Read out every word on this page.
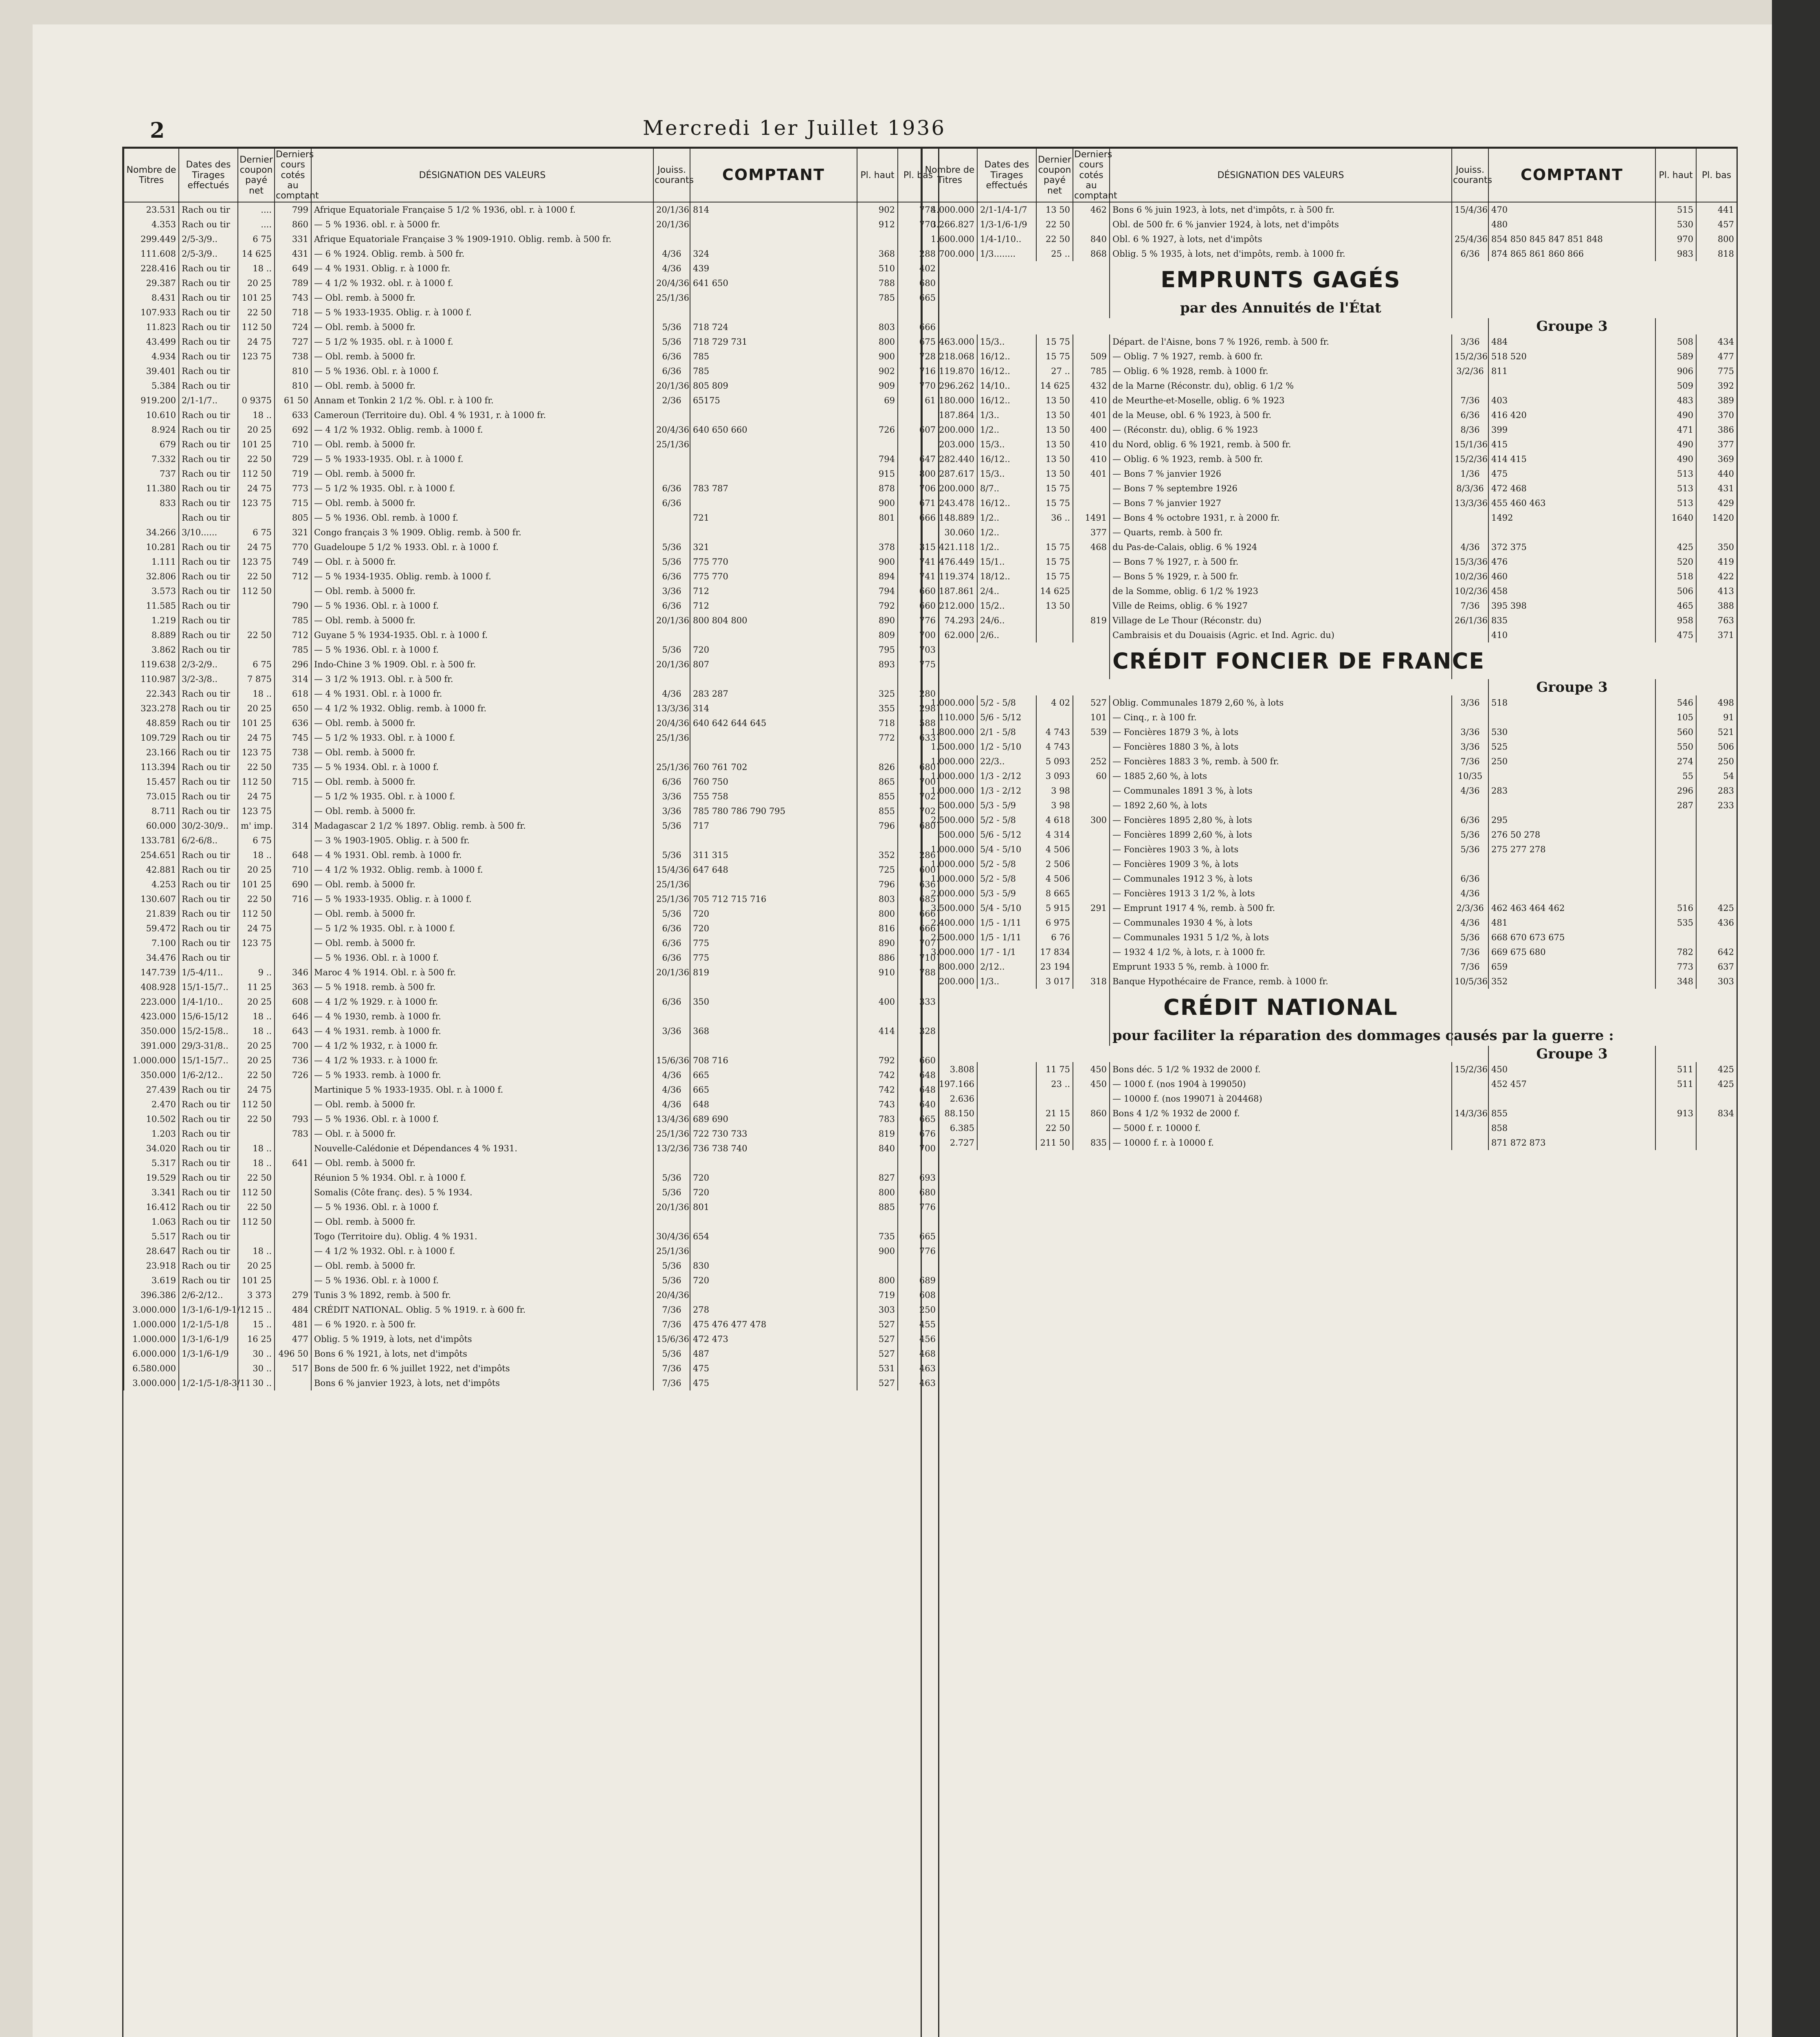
2	Mercredi 1er Juillet 1936
Nombre de Titres	Dates des Tirages effectués	Dernier coupon payé net	Derniers cours cotés au comptant	DÉSIGNATION DES VALEURS	Jouiss. courants	COMPTANT	Pl. haut	Pl. bas
23.531	Rach ou tir	....	799	Afrique Equatoriale Française 5 1/2 % 1936, obl. r. à 1000 f.	20/1/36	814	902	778
4.353	Rach ou tir	....	860	— 5 % 1936. obl. r. à 5000 fr.	20/1/36		912	770
299.449	2/5-3/9..	6 75	331	Afrique Equatoriale Française 3 % 1909-1910. Oblig. remb. à 500 fr.				
111.608	2/5-3/9..	14 625	431	— 6 % 1924. Oblig. remb. à 500 fr.	4/36	324	368	288
228.416	Rach ou tir	18 ..	649	— 4 % 1931. Oblig. r. à 1000 fr.	4/36	439	510	402
29.387	Rach ou tir	20 25	789	— 4 1/2 % 1932. obl. r. à 1000 f.	20/4/36	641 650	788	680
8.431	Rach ou tir	101 25	743	— Obl. remb. à 5000 fr.	25/1/36		785	665
107.933	Rach ou tir	22 50	718	— 5 % 1933-1935. Oblig. r. à 1000 f.				
11.823	Rach ou tir	112 50	724	— Obl. remb. à 5000 fr.	5/36	718 724	803	666
43.499	Rach ou tir	24 75	727	— 5 1/2 % 1935. obl. r. à 1000 f.	5/36	718 729 731	800	675
4.934	Rach ou tir	123 75	738	— Obl. remb. à 5000 fr.	6/36	785	900	728
39.401	Rach ou tir		810	— 5 % 1936. Obl. r. à 1000 f.	6/36	785	902	716
5.384	Rach ou tir		810	— Obl. remb. à 5000 fr.	20/1/36	805 809	909	770
919.200	2/1-1/7..	0 9375	61 50	Annam et Tonkin 2 1/2 %. Obl. r. à 100 fr.	2/36	65175	69	61
10.610	Rach ou tir	18 ..	633	Cameroun (Territoire du). Obl. 4 % 1931, r. à 1000 fr.				
8.924	Rach ou tir	20 25	692	— 4 1/2 % 1932. Oblig. remb. à 1000 f.	20/4/36	640 650 660	726	607
679	Rach ou tir	101 25	710	— Obl. remb. à 5000 fr.	25/1/36			
7.332	Rach ou tir	22 50	729	— 5 % 1933-1935. Obl. r. à 1000 f.			794	647
737	Rach ou tir	112 50	719	— Obl. remb. à 5000 fr.			915	800
11.380	Rach ou tir	24 75	773	— 5 1/2 % 1935. Obl. r. à 1000 f.	6/36	783 787	878	706
833	Rach ou tir	123 75	715	— Obl. remb. à 5000 fr.	6/36		900	671
	Rach ou tir		805	— 5 % 1936. Obl. remb. à 1000 f.		721	801	666
34.266	3/10......	6 75	321	Congo français 3 % 1909. Oblig. remb. à 500 fr.				
10.281	Rach ou tir	24 75	770	Guadeloupe 5 1/2 % 1933. Obl. r. à 1000 f.	5/36	321	378	315
1.111	Rach ou tir	123 75	749	— Obl. r. à 5000 fr.	5/36	775 770	900	741
32.806	Rach ou tir	22 50	712	— 5 % 1934-1935. Oblig. remb. à 1000 f.	6/36	775 770	894	741
3.573	Rach ou tir	112 50		— Obl. remb. à 5000 fr.	3/36	712	794	660
11.585	Rach ou tir		790	— 5 % 1936. Obl. r. à 1000 f.	6/36	712	792	660
1.219	Rach ou tir		785	— Obl. remb. à 5000 fr.	20/1/36	800 804 800	890	776
8.889	Rach ou tir	22 50	712	Guyane 5 % 1934-1935. Obl. r. à 1000 f.			809	700
3.862	Rach ou tir		785	— 5 % 1936. Obl. r. à 1000 f.	5/36	720	795	703
119.638	2/3-2/9..	6 75	296	Indo-Chine 3 % 1909. Obl. r. à 500 fr.	20/1/36	807	893	775
110.987	3/2-3/8..	7 875	314	— 3 1/2 % 1913. Obl. r. à 500 fr.				
22.343	Rach ou tir	18 ..	618	— 4 % 1931. Obl. r. à 1000 fr.	4/36	283 287	325	280
323.278	Rach ou tir	20 25	650	— 4 1/2 % 1932. Oblig. remb. à 1000 fr.	13/3/36	314	355	298
48.859	Rach ou tir	101 25	636	— Obl. remb. à 5000 fr.	20/4/36	640 642 644 645	718	588
109.729	Rach ou tir	24 75	745	— 5 1/2 % 1933. Obl. r. à 1000 f.	25/1/36		772	633
23.166	Rach ou tir	123 75	738	— Obl. remb. à 5000 fr.				
113.394	Rach ou tir	22 50	735	— 5 % 1934. Obl. r. à 1000 f.	25/1/36	760 761 702	826	680
15.457	Rach ou tir	112 50	715	— Obl. remb. à 5000 fr.	6/36	760 750	865	700
73.015	Rach ou tir	24 75		— 5 1/2 % 1935. Obl. r. à 1000 f.	3/36	755 758	855	702
8.711	Rach ou tir	123 75		— Obl. remb. à 5000 fr.	3/36	785 780 786 790 795	855	702
60.000	30/2-30/9..	m' imp.	314	Madagascar 2 1/2 % 1897. Oblig. remb. à 500 fr.	5/36	717	796	680
133.781	6/2-6/8..	6 75		— 3 % 1903-1905. Oblig. r. à 500 fr.				
254.651	Rach ou tir	18 ..	648	— 4 % 1931. Obl. remb. à 1000 fr.	5/36	311 315	352	286
42.881	Rach ou tir	20 25	710	— 4 1/2 % 1932. Oblig. remb. à 1000 f.	15/4/36	647 648	725	600
4.253	Rach ou tir	101 25	690	— Obl. remb. à 5000 fr.	25/1/36		796	636
130.607	Rach ou tir	22 50	716	— 5 % 1933-1935. Oblig. r. à 1000 f.	25/1/36	705 712 715 716	803	685
21.839	Rach ou tir	112 50		— Obl. remb. à 5000 fr.	5/36	720	800	666
59.472	Rach ou tir	24 75		— 5 1/2 % 1935. Obl. r. à 1000 f.	6/36	720	816	666
7.100	Rach ou tir	123 75		— Obl. remb. à 5000 fr.	6/36	775	890	707
34.476	Rach ou tir			— 5 % 1936. Obl. r. à 1000 f.	6/36	775	886	710
147.739	1/5-4/11..	9 ..	346	Maroc 4 % 1914. Obl. r. à 500 fr.	20/1/36	819	910	788
408.928	15/1-15/7..	11 25	363	— 5 % 1918. remb. à 500 fr.				
223.000	1/4-1/10..	20 25	608	— 4 1/2 % 1929. r. à 1000 fr.	6/36	350	400	333
423.000	15/6-15/12	18 ..	646	— 4 % 1930, remb. à 1000 fr.				
350.000	15/2-15/8..	18 ..	643	— 4 % 1931. remb. à 1000 fr.	3/36	368	414	328
391.000	29/3-31/8..	20 25	700	— 4 1/2 % 1932, r. à 1000 fr.				
1.000.000	15/1-15/7..	20 25	736	— 4 1/2 % 1933. r. à 1000 fr.	15/6/36	708 716	792	660
350.000	1/6-2/12..	22 50	726	— 5 % 1933. remb. à 1000 fr.	4/36	665	742	648
27.439	Rach ou tir	24 75		Martinique 5 % 1933-1935. Obl. r. à 1000 f.	4/36	665	742	648
2.470	Rach ou tir	112 50		— Obl. remb. à 5000 fr.	4/36	648	743	640
10.502	Rach ou tir	22 50	793	— 5 % 1936. Obl. r. à 1000 f.	13/4/36	689 690	783	665
1.203	Rach ou tir		783	— Obl. r. à 5000 fr.	25/1/36	722 730 733	819	676
34.020	Rach ou tir	18 ..		Nouvelle-Calédonie et Dépendances 4 % 1931.	13/2/36	736 738 740	840	700
5.317	Rach ou tir	18 ..	641	— Obl. remb. à 5000 fr.				
19.529	Rach ou tir	22 50		Réunion 5 % 1934. Obl. r. à 1000 f.	5/36	720	827	693
3.341	Rach ou tir	112 50		Somalis (Côte franç. des). 5 % 1934.	5/36	720	800	680
16.412	Rach ou tir	22 50		— 5 % 1936. Obl. r. à 1000 f.	20/1/36	801	885	776
1.063	Rach ou tir	112 50		— Obl. remb. à 5000 fr.				
5.517	Rach ou tir			Togo (Territoire du). Oblig. 4 % 1931.	30/4/36	654	735	665
28.647	Rach ou tir	18 ..		— 4 1/2 % 1932. Obl. r. à 1000 f.	25/1/36		900	776
23.918	Rach ou tir	20 25		— Obl. remb. à 5000 fr.	5/36	830		
3.619	Rach ou tir	101 25		— 5 % 1936. Obl. r. à 1000 f.	5/36	720	800	689
396.386	2/6-2/12..	3 373	279	Tunis 3 % 1892, remb. à 500 fr.	20/4/36		719	608
3.000.000	1/3-1/6-1/9-1/12	15 ..	484	CRÉDIT NATIONAL. Oblig. 5 % 1919. r. à 600 fr.	7/36	278	303	250
1.000.000	1/2-1/5-1/8	15 ..	481	— 6 % 1920. r. à 500 fr.	7/36	475 476 477 478	527	455
1.000.000	1/3-1/6-1/9	16 25	477	Oblig. 5 % 1919, à lots, net d'impôts	15/6/36	472 473	527	456
6.000.000	1/3-1/6-1/9	30 ..	496 50	Bons 6 % 1921, à lots, net d'impôts	5/36	487	527	468
6.580.000		30 ..	517	Bons de 500 fr. 6 % juillet 1922, net d'impôts	7/36	475	531	463
3.000.000	1/2-1/5-1/8-3/11	30 ..		Bons 6 % janvier 1923, à lots, net d'impôts	7/36	475	527	463
Nombre de Titres	Dates des Tirages effectués	Dernier coupon payé net	Derniers cours cotés au comptant	DÉSIGNATION DES VALEURS	Jouiss. courants	COMPTANT	Pl. haut	Pl. bas
4.000.000	2/1-1/4-1/7	13 50	462	Bons 6 % juin 1923, à lots, net d'impôts, r. à 500 fr.	15/4/36	470	515	441
3.266.827	1/3-1/6-1/9	22 50		Obl. de 500 fr. 6 % janvier 1924, à lots, net d'impôts		480	530	457
1.600.000	1/4-1/10..	22 50	840	Obl. 6 % 1927, à lots, net d'impôts	25/4/36	854 850 845 847 851 848	970	800
700.000	1/3........	25 ..	868	Oblig. 5 % 1935, à lots, net d'impôts, remb. à 1000 fr.	6/36	874 865 861 860 866	983	818
				EMPRUNTS GAGÉS				
				par des Annuités de l'État				
						Groupe 3		
463.000	15/3..	15 75		Départ. de l'Aisne, bons 7 % 1926, remb. à 500 fr.	3/36	484	508	434
218.068	16/12..	15 75	509	— Oblig. 7 % 1927, remb. à 600 fr.	15/2/36	518 520	589	477
119.870	16/12..	27 ..	785	— Oblig. 6 % 1928, remb. à 1000 fr.	3/2/36	811	906	775
296.262	14/10..	14 625	432	de la Marne (Réconstr. du), oblig. 6 1/2 %			509	392
180.000	16/12..	13 50	410	de Meurthe-et-Moselle, oblig. 6 % 1923	7/36	403	483	389
187.864	1/3..	13 50	401	de la Meuse, obl. 6 % 1923, à 500 fr.	6/36	416 420	490	370
200.000	1/2..	13 50	400	— (Réconstr. du), oblig. 6 % 1923	8/36	399	471	386
203.000	15/3..	13 50	410	du Nord, oblig. 6 % 1921, remb. à 500 fr.	15/1/36	415	490	377
282.440	16/12..	13 50	410	— Oblig. 6 % 1923, remb. à 500 fr.	15/2/36	414 415	490	369
287.617	15/3..	13 50	401	— Bons 7 % janvier 1926	1/36	475	513	440
200.000	8/7..	15 75		— Bons 7 % septembre 1926	8/3/36	472 468	513	431
243.478	16/12..	15 75		— Bons 7 % janvier 1927	13/3/36	455 460 463	513	429
148.889	1/2..	36 ..	1491	— Bons 4 % octobre 1931, r. à 2000 fr.		1492	1640	1420
30.060	1/2..		377	— Quarts, remb. à 500 fr.				
421.118	1/2..	15 75	468	du Pas-de-Calais, oblig. 6 % 1924	4/36	372 375	425	350
476.449	15/1..	15 75		— Bons 7 % 1927, r. à 500 fr.	15/3/36	476	520	419
119.374	18/12..	15 75		— Bons 5 % 1929, r. à 500 fr.	10/2/36	460	518	422
187.861	2/4..	14 625		de la Somme, oblig. 6 1/2 % 1923	10/2/36	458	506	413
212.000	15/2..	13 50		Ville de Reims, oblig. 6 % 1927	7/36	395 398	465	388
74.293	24/6..		819	Village de Le Thour (Réconstr. du)	26/1/36	835	958	763
62.000	2/6..			Cambraisis et du Douaisis (Agric. et Ind. Agric. du)		410	475	371
				CRÉDIT FONCIER DE FRANCE				
						Groupe 3		
1.000.000	5/2 - 5/8	4 02	527	Oblig. Communales 1879 2,60 %, à lots	3/36	518	546	498
110.000	5/6 - 5/12		101	— Cinq., r. à 100 fr.			105	91
1.800.000	2/1 - 5/8	4 743	539	— Foncières 1879 3 %, à lots	3/36	530	560	521
1.500.000	1/2 - 5/10	4 743		— Foncières 1880 3 %, à lots	3/36	525	550	506
1.000.000	22/3..	5 093	252	— Foncières 1883 3 %, remb. à 500 fr.	7/36	250	274	250
1.000.000	1/3 - 2/12	3 093	60	— 1885 2,60 %, à lots	10/35		55	54
1.000.000	1/3 - 2/12	3 98		— Communales 1891 3 %, à lots	4/36	283	296	283
500.000	5/3 - 5/9	3 98		— 1892 2,60 %, à lots			287	233
2.500.000	5/2 - 5/8	4 618	300	— Foncières 1895 2,80 %, à lots	6/36	295		
500.000	5/6 - 5/12	4 314		— Foncières 1899 2,60 %, à lots	5/36	276 50 278		
1.000.000	5/4 - 5/10	4 506		— Foncières 1903 3 %, à lots	5/36	275 277 278		
1.000.000	5/2 - 5/8	2 506		— Foncières 1909 3 %, à lots				
1.000.000	5/2 - 5/8	4 506		— Communales 1912 3 %, à lots	6/36			
2.000.000	5/3 - 5/9	8 665		— Foncières 1913 3 1/2 %, à lots	4/36			
3.500.000	5/4 - 5/10	5 915	291	— Emprunt 1917 4 %, remb. à 500 fr.	2/3/36	462 463 464 462	516	425
2.400.000	1/5 - 1/11	6 975		— Communales 1930 4 %, à lots	4/36	481	535	436
2.500.000	1/5 - 1/11	6 76		— Communales 1931 5 1/2 %, à lots	5/36	668 670 673 675		
3.000.000	1/7 - 1/1	17 834		— 1932 4 1/2 %, à lots, r. à 1000 fr.	7/36	669 675 680	782	642
800.000	2/12..	23 194		Emprunt 1933 5 %, remb. à 1000 fr.	7/36	659	773	637
200.000	1/3..	3 017	318	Banque Hypothécaire de France, remb. à 1000 fr.	10/5/36	352	348	303
				CRÉDIT NATIONAL				
				pour faciliter la réparation des dommages causés par la guerre :				
						Groupe 3		
3.808		11 75	450	Bons déc. 5 1/2 % 1932 de 2000 f.	15/2/36	450	511	425
197.166		23 ..	450	— 1000 f. (nos 1904 à 199050)		452 457	511	425
2.636				— 10000 f. (nos 199071 à 204468)				
88.150		21 15	860	Bons 4 1/2 % 1932 de 2000 f.	14/3/36	855	913	834
6.385		22 50		— 5000 f. r. 10000 f.		858		
2.727		211 50	835	— 10000 f. r. à 10000 f.		871 872 873		
